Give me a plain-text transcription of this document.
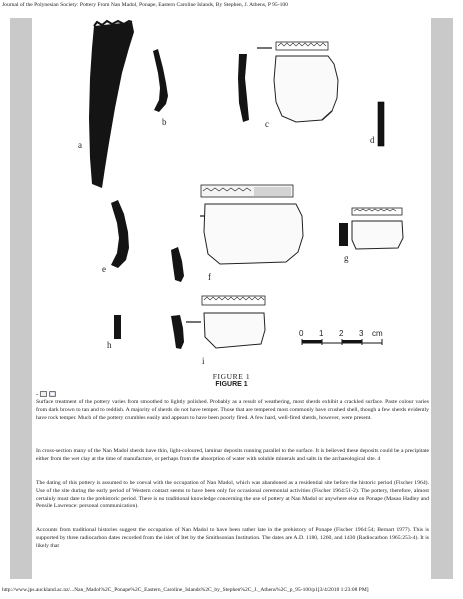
Journal of the Polynesian Society: Pottery From Nan Madol, Ponape, Eastern Caroline Islands, By Stephen, J. Athens, P 95-100
a
b	c
d
e
f
g
h
i
0 1 2 3 cm
FIGURE 1
FIGURE 1
-

Surface treatment of the pottery varies from smoothed to lightly polished. Probably as a result of weathering, most sherds exhibit a crackled surface. Paste colour varies from dark brown to tan and to reddish. A majority of sherds do not have temper. Those that are tempered most commonly have crushed shell, though a few sherds evidently have rock temper. Much of the pottery crumbles easily and appears to have been poorly fired. A few hard, well-fired sherds, however, were present.

In cross-section many of the Nan Madol sherds have thin, light-coloured, laminar deposits running parallel to the surface. It is believed these deposits could be a precipitate either from the wet clay at the time of manufacture, or perhaps from the absorption of water with soluble minerals and salts in the archaeological site. 4

The dating of this pottery is assumed to be coeval with the occupation of Nan Madol, which was abandoned as a residential site before the historic period (Fischer 1964). Use of the site during the early period of Western contact seems to have been only for occasional ceremonial activities (Fischer 1964:51-2). The pottery, therefore, almost certainly must date to the prehistoric period. There is no traditional knowledge concerning the use of pottery at Nan Madol or anywhere else on Ponape (Masao Hadley and Pensile Lawrence: personal communication).

Accounts from traditional histories suggest the occupation of Nan Madol to have been rather late in the prehistory of Ponape (Fischer 1964:54; Bernart 1977). This is supported by three radiocarbon dates recorded from the islet of Itet by the Smithsonian Institution. The dates are A.D. 1180, 1260, and 1430 (Radiocarbon 1965:253-4). It is likely that

http://www.jps.auckland.ac.nz/...Nan_Madol%2C_Ponape%2C_Eastern_Caroline_Islands%2C_by_Stephen%2C_J._Athens%2C_p_95-100/p1[3/4/2018 1:23:08 PM]
